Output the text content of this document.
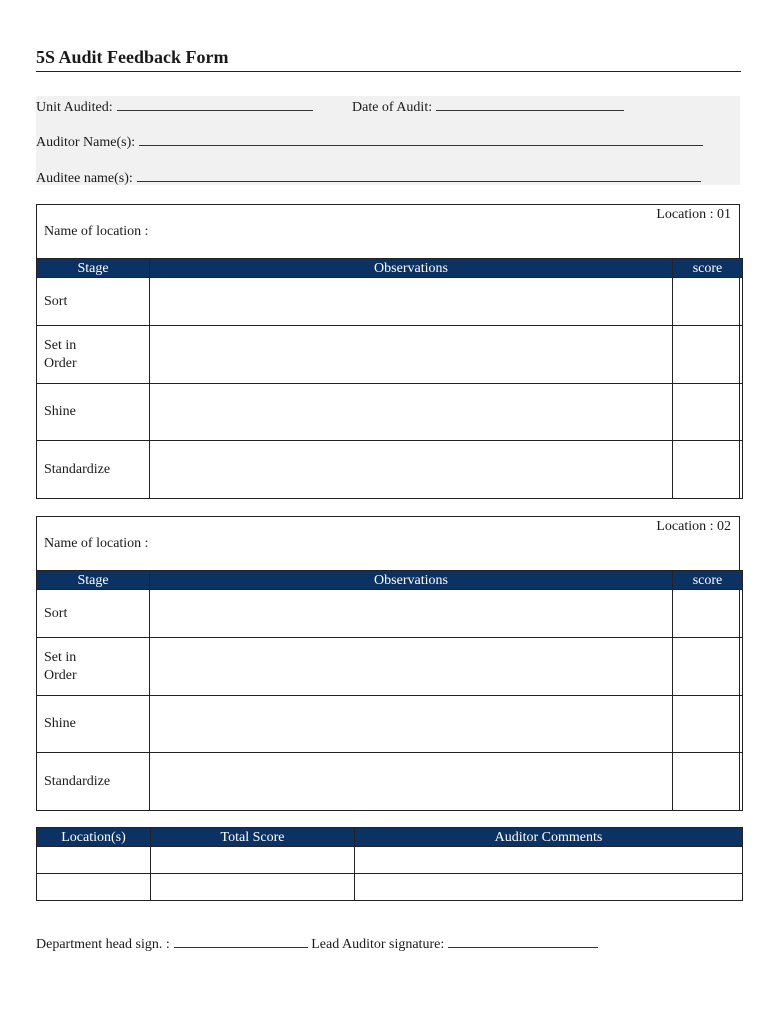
5S Audit Feedback Form
Unit Audited:	Date of Audit:
Auditor Name(s):
Auditee name(s):
Location : 01
Name of location :
Stage	Observations	score
Sort		
Set in
Order		
Shine		
Standardize		
Location : 02
Name of location :
Stage	Observations	score
Sort		
Set in
Order		
Shine		
Standardize		
Location(s)	Total Score	Auditor Comments

Department head sign. :	Lead Auditor signature:
